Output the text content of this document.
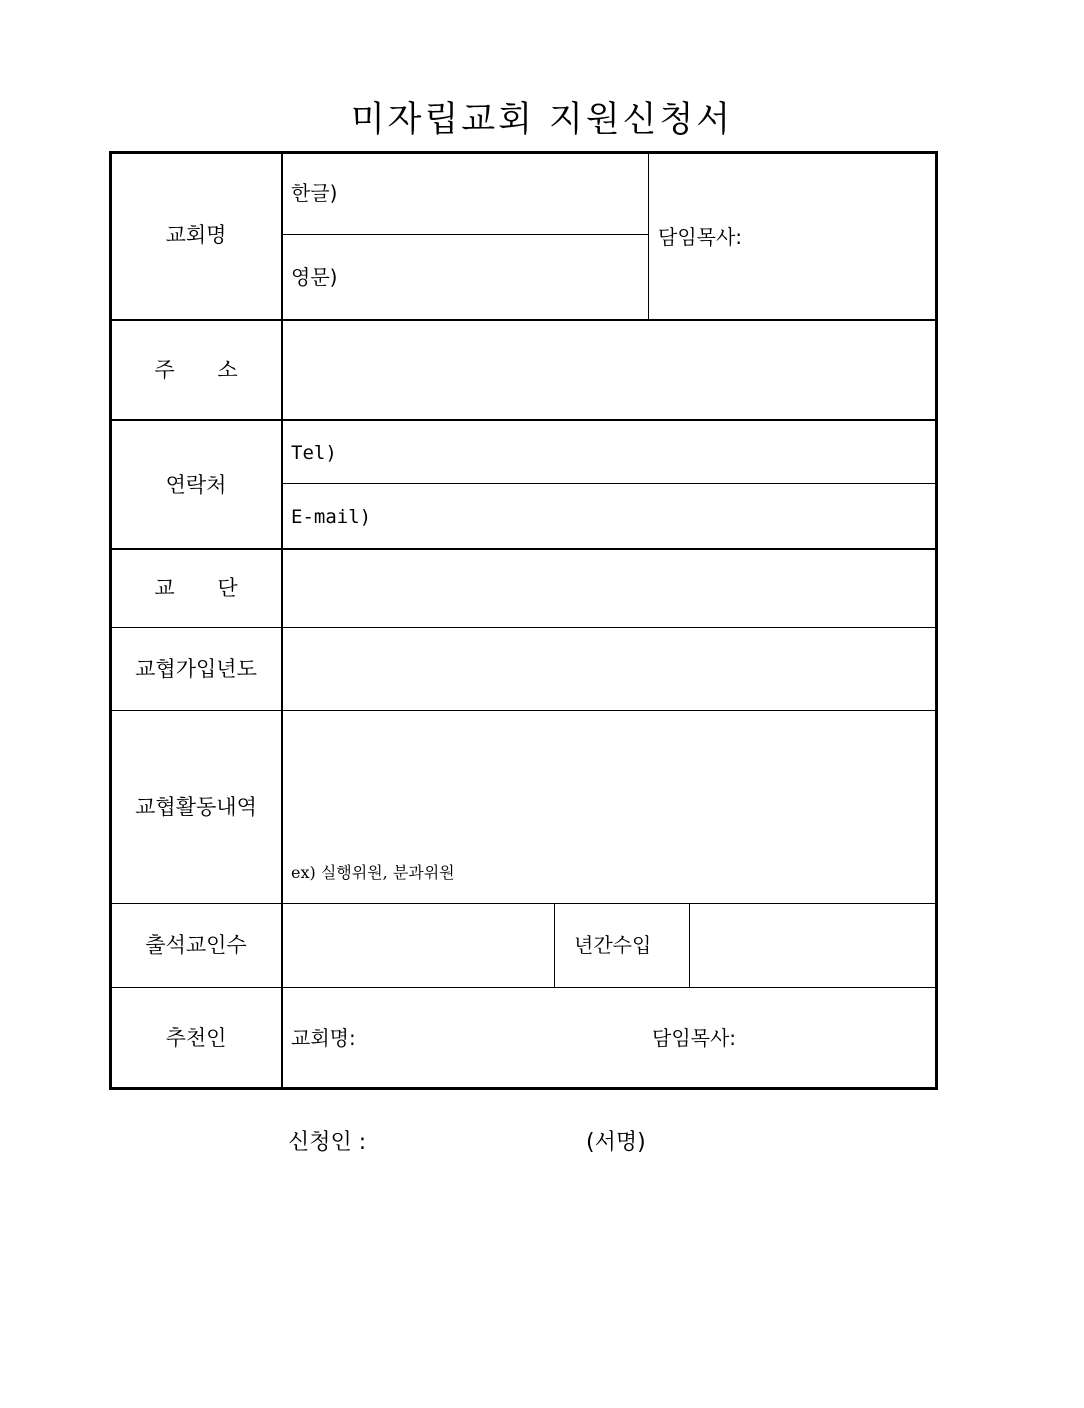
미자립교회 지원신청서
교회명
주 소
연락처
교 단
교협가입년도
교협활동내역
출석교인수
추천인
한글)
영문)
담임목사:
Tel)
E-mail)
ex) 실행위원, 분과위원
년간수입
교회명:	담임목사:
신청인 :	(서명)
